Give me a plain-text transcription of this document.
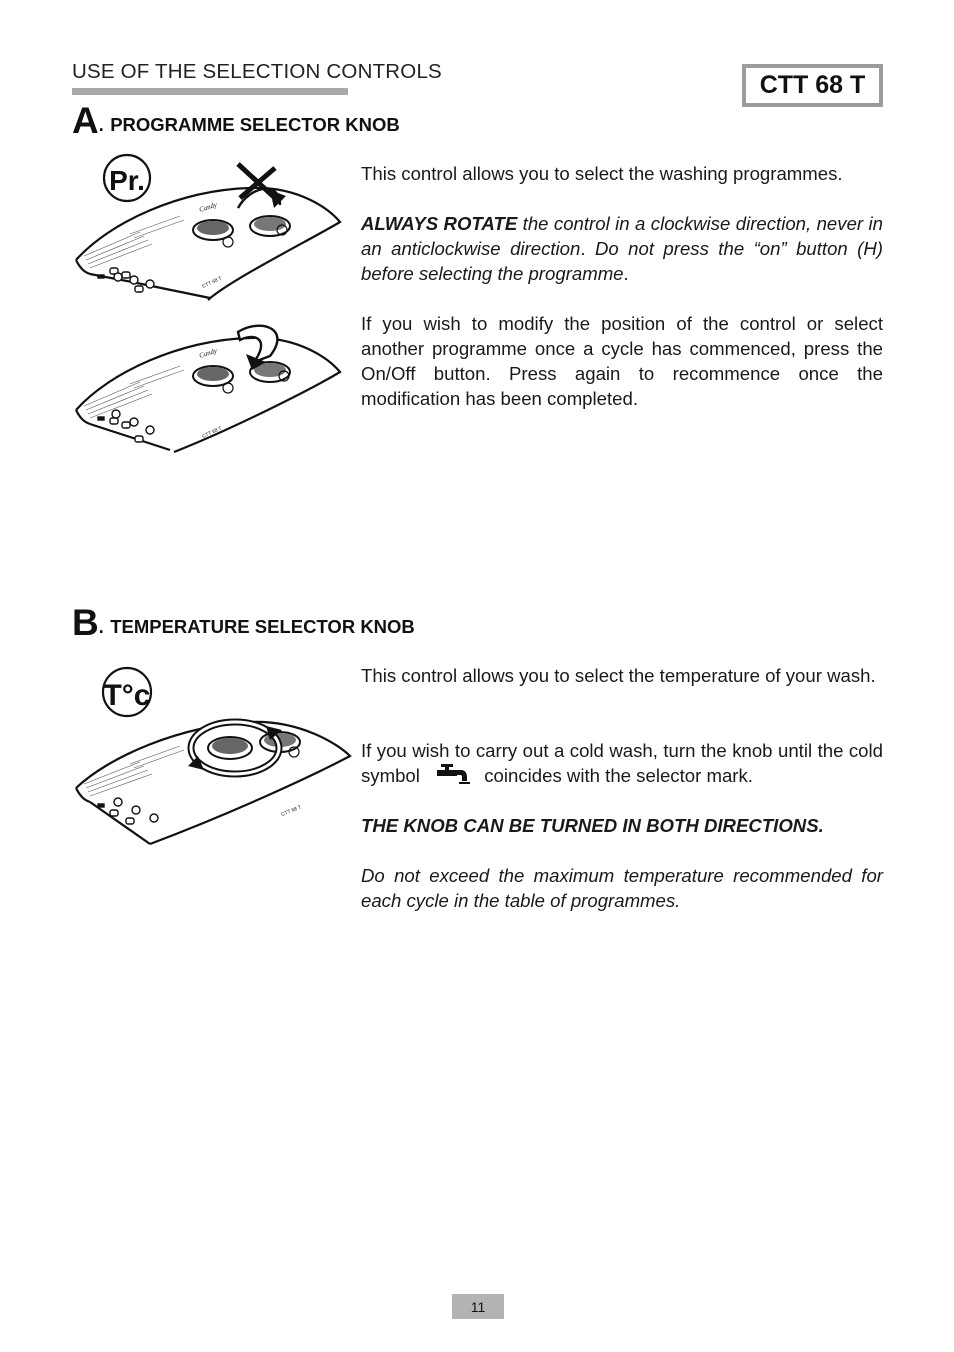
USE OF THE SELECTION CONTROLS	CTT 68 T
A. PROGRAMME SELECTOR KNOB
Pr.
Candy
CTT 68 T
Candy
CTT 68 T

This control allows you to select the washing programmes.

ALWAYS ROTATE the control in a clockwise direction, never in an anticlockwise direction. Do not press the “on” button (H) before selecting the programme.

If you wish to modify the position of the control or select another programme once a cycle has commenced, press the On/Off button. Press again to recommence once the modification has been completed.

B. TEMPERATURE SELECTOR KNOB
T°c
CTT 68 T

This control allows you to select the temperature of your wash.

If you wish to carry out a cold wash, turn the knob until the cold symbol	coincides with the selector mark.

THE KNOB CAN BE TURNED IN BOTH DIRECTIONS.

Do not exceed the maximum temperature recommended for each cycle in the table of programmes.

11
